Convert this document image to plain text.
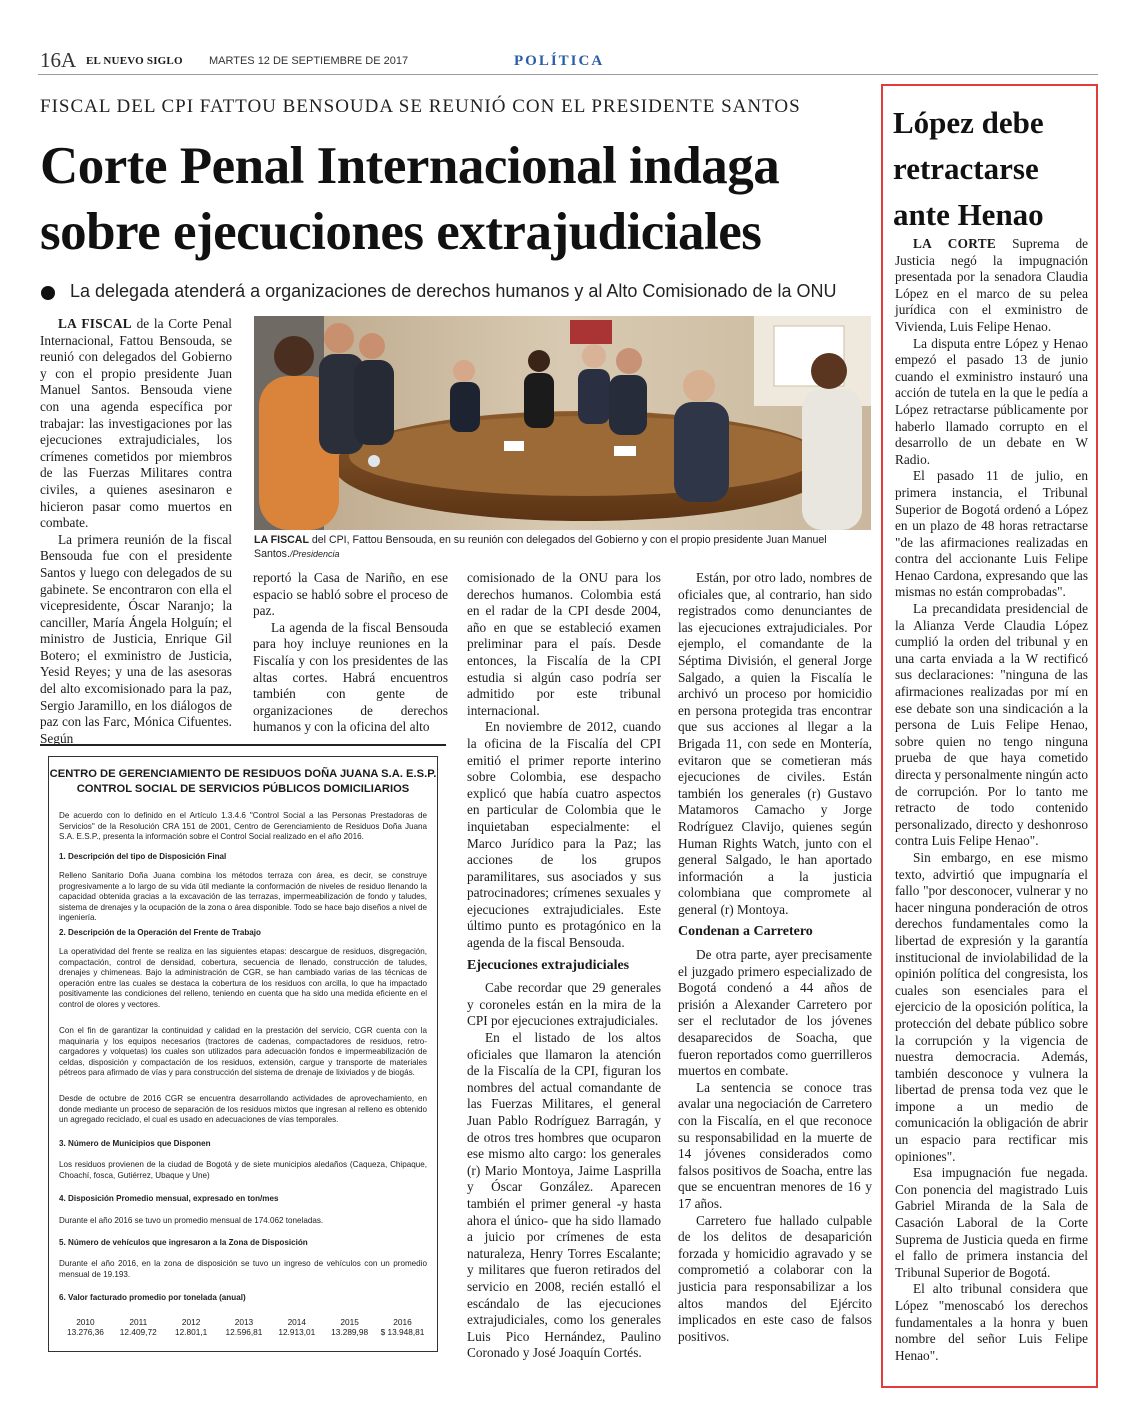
16A EL NUEVO SIGLO MARTES 12 DE SEPTIEMBRE DE 2017	POLÍTICA
FISCAL DEL CPI FATTOU BENSOUDA SE REUNIÓ CON EL PRESIDENTE SANTOS
Corte Penal Internacional indaga
sobre ejecuciones extrajudiciales
La delegada atenderá a organizaciones de derechos humanos y al Alto Comisionado de la ONU

LA FISCAL de la Corte Penal Internacional, Fattou Bensouda, se reunió con delegados del Gobierno y con el propio presidente Juan Manuel Santos. Bensouda viene con una agenda específica por trabajar: las investigaciones por las ejecuciones extrajudiciales, los crímenes cometidos por miembros de las Fuerzas Militares contra civiles, a quienes asesinaron e hicieron pasar como muertos en combate.

La primera reunión de la fiscal Bensouda fue con el presidente Santos y luego con delegados de su gabinete. Se encontraron con ella el vicepresidente, Óscar Naranjo; la canciller, María Ángela Holguín; el ministro de Justicia, Enrique Gil Botero; el exministro de Justicia, Yesid Reyes; y una de las asesoras del alto excomisionado para la paz, Sergio Jaramillo, en los diálogos de paz con las Farc, Mónica Cifuentes. Según

LA FISCAL del CPI, Fattou Bensouda, en su reunión con delegados del Gobierno y con el propio presidente Juan Manuel Santos./Presidencia

reportó la Casa de Nariño, en ese espacio se habló sobre el proceso de paz.

La agenda de la fiscal Bensouda para hoy incluye reuniones en la Fiscalía y con los presidentes de las altas cortes. Habrá encuentros también con gente de organizaciones de derechos humanos y con la oficina del alto

comisionado de la ONU para los derechos humanos. Colombia está en el radar de la CPI desde 2004, año en que se estableció examen preliminar para el país. Desde entonces, la Fiscalía de la CPI estudia si algún caso podría ser admitido por este tribunal internacional.

En noviembre de 2012, cuando la oficina de la Fiscalía del CPI emitió el primer reporte interino sobre Colombia, ese despacho explicó que había cuatro aspectos en particular de Colombia que le inquietaban especialmente: el Marco Jurídico para la Paz; las acciones de los grupos paramilitares, sus asociados y sus patrocinadores; crímenes sexuales y ejecuciones extrajudiciales. Este último punto es protagónico en la agenda de la fiscal Bensouda.

Ejecuciones extrajudiciales

Cabe recordar que 29 generales y coroneles están en la mira de la CPI por ejecuciones extrajudiciales.

En el listado de los altos oficiales que llamaron la atención de la Fiscalía de la CPI, figuran los nombres del actual comandante de las Fuerzas Militares, el general Juan Pablo Rodríguez Barragán, y de otros tres hombres que ocuparon ese mismo alto cargo: los generales (r) Mario Montoya, Jaime Lasprilla y Óscar González. Aparecen también el primer general -y hasta ahora el único- que ha sido llamado a juicio por crímenes de esta naturaleza, Henry Torres Escalante; y militares que fueron retirados del servicio en 2008, recién estalló el escándalo de las ejecuciones extrajudiciales, como los generales Luis Pico Hernández, Paulino Coronado y José Joaquín Cortés.

Están, por otro lado, nombres de oficiales que, al contrario, han sido registrados como denunciantes de las ejecuciones extrajudiciales. Por ejemplo, el comandante de la Séptima División, el general Jorge Salgado, a quien la Fiscalía le archivó un proceso por homicidio en persona protegida tras encontrar que sus acciones al llegar a la Brigada 11, con sede en Montería, evitaron que se cometieran más ejecuciones de civiles. Están también los generales (r) Gustavo Matamoros Camacho y Jorge Rodríguez Clavijo, quienes según Human Rights Watch, junto con el general Salgado, le han aportado información a la justicia colombiana que compromete al general (r) Montoya.

Condenan a Carretero

De otra parte, ayer precisamente el juzgado primero especializado de Bogotá condenó a 44 años de prisión a Alexander Carretero por ser el reclutador de los jóvenes desaparecidos de Soacha, que fueron reportados como guerrilleros muertos en combate.

La sentencia se conoce tras avalar una negociación de Carretero con la Fiscalía, en el que reconoce su responsabilidad en la muerte de 14 jóvenes considerados como falsos positivos de Soacha, entre las que se encuentran menores de 16 y 17 años.

Carretero fue hallado culpable de los delitos de desaparición forzada y homicidio agravado y se comprometió a colaborar con la justicia para responsabilizar a los altos mandos del Ejército implicados en este caso de falsos positivos.

CENTRO DE GERENCIAMIENTO DE RESIDUOS DOÑA JUANA S.A. E.S.P.
CONTROL SOCIAL DE SERVICIOS PÚBLICOS DOMICILIARIOS
De acuerdo con lo definido en el Artículo 1.3.4.6 "Control Social a las Personas Prestadoras de Servicios" de la Resolución CRA 151 de 2001, Centro de Gerenciamiento de Residuos Doña Juana S.A. E.S.P., presenta la información sobre el Control Social realizado en el año 2016.
1. Descripción del tipo de Disposición Final
Relleno Sanitario Doña Juana combina los métodos terraza con área, es decir, se construye progresivamente a lo largo de su vida útil mediante la conformación de niveles de residuo llenando la capacidad obtenida gracias a la excavación de las terrazas, impermeabilización de fondo y taludes, sistema de drenajes y la ocupación de la zona o área disponible. Todo se hace bajo diseños a nivel de ingeniería.
2. Descripción de la Operación del Frente de Trabajo
La operatividad del frente se realiza en las siguientes etapas: descargue de residuos, disgregación, compactación, control de densidad, cobertura, secuencia de llenado, construcción de taludes, drenajes y chimeneas. Bajo la administración de CGR, se han cambiado varias de las técnicas de operación entre las cuales se destaca la cobertura de los residuos con arcilla, lo que ha impactado positivamente las condiciones del relleno, teniendo en cuenta que ha sido una medida eficiente en el control de olores y vectores.
Con el fin de garantizar la continuidad y calidad en la prestación del servicio, CGR cuenta con la maquinaria y los equipos necesarios (tractores de cadenas, compactadores de residuos, retro-cargadores y volquetas) los cuales son utilizados para adecuación fondos e impermeabilización de celdas, disposición y compactación de los residuos, extensión, cargue y transporte de materiales pétreos para afirmado de vías y para construcción del sistema de drenaje de lixiviados y de biogás.
Desde de octubre de 2016 CGR se encuentra desarrollando actividades de aprovechamiento, en donde mediante un proceso de separación de los residuos mixtos que ingresan al relleno es obtenido un agregado reciclado, el cual es usado en adecuaciones de vías temporales.
3. Número de Municipios que Disponen
Los residuos provienen de la ciudad de Bogotá y de siete municipios aledaños (Caqueza, Chipaque, Choachí, fosca, Gutiérrez, Ubaque y Une)
4. Disposición Promedio mensual, expresado en ton/mes
Durante el año 2016 se tuvo un promedio mensual de 174.062 toneladas.
5. Número de vehículos que ingresaron a la Zona de Disposición
Durante el año 2016, en la zona de disposición se tuvo un ingreso de vehículos con un promedio mensual de 19.193.
6. Valor facturado promedio por tonelada (anual)
2010	2011	2012	2013	2014	2015	2016
13.276,36	12.409,72	12.801,1	12.596,81	12.913,01	13.289,98	$ 13.948,81
López debe
retractarse
ante Henao

LA CORTE Suprema de Justicia negó la impugnación presentada por la senadora Claudia López en el marco de su pelea jurídica con el exministro de Vivienda, Luis Felipe Henao.

La disputa entre López y Henao empezó el pasado 13 de junio cuando el exministro instauró una acción de tutela en la que le pedía a López retractarse públicamente por haberlo llamado corrupto en el desarrollo de un debate en W Radio.

El pasado 11 de julio, en primera instancia, el Tribunal Superior de Bogotá ordenó a López en un plazo de 48 horas retractarse "de las afirmaciones realizadas en contra del accionante Luis Felipe Henao Cardona, expresando que las mismas no están comprobadas".

La precandidata presidencial de la Alianza Verde Claudia López cumplió la orden del tribunal y en una carta enviada a la W rectificó sus declaraciones: "ninguna de las afirmaciones realizadas por mí en ese debate son una sindicación a la persona de Luis Felipe Henao, sobre quien no tengo ninguna prueba de que haya cometido directa y personalmente ningún acto de corrupción. Por lo tanto me retracto de todo contenido personalizado, directo y deshonroso contra Luis Felipe Henao".

Sin embargo, en ese mismo texto, advirtió que impugnaría el fallo "por desconocer, vulnerar y no hacer ninguna ponderación de otros derechos fundamentales como la libertad de expresión y la garantía institucional de inviolabilidad de la opinión política del congresista, los cuales son esenciales para el ejercicio de la oposición política, la protección del debate público sobre la corrupción y la vigencia de nuestra democracia. Además, también desconoce y vulnera la libertad de prensa toda vez que le impone a un medio de comunicación la obligación de abrir un espacio para rectificar mis opiniones".

Esa impugnación fue negada. Con ponencia del magistrado Luis Gabriel Miranda de la Sala de Casación Laboral de la Corte Suprema de Justicia queda en firme el fallo de primera instancia del Tribunal Superior de Bogotá.

El alto tribunal considera que López "menoscabó los derechos fundamentales a la honra y buen nombre del señor Luis Felipe Henao".
